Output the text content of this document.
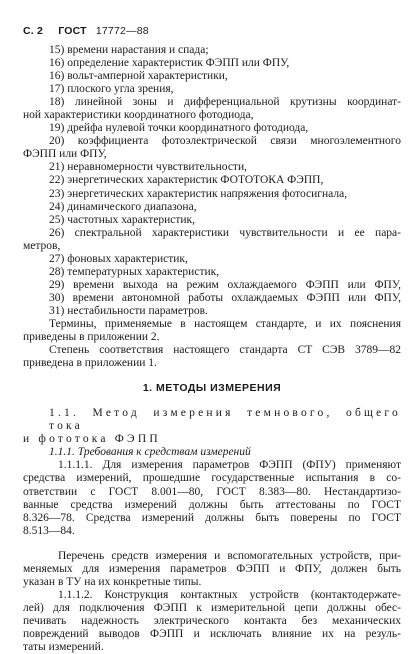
С. 2 ГОСТ 17772—88

15) времени нарастания и спада;

16) определение характеристик ФЭПП или ФПУ,

16) вольт-амперной характеристики,

17) плоского угла зрения,

18) линейной зоны и дифференциальной крутизны координат-

ной характеристики координатного фотодиода,

19) дрейфа нулевой точки координатного фотодиода,

20) коэффициента фотоэлектрической связи многоэлементного

ФЭПП или ФПУ,

21) неравномерности чувствительности,

22) энергетических характеристик ФОТОТОКА ФЭПП,

23) энергетических характеристик напряжения фотосигнала,

24) динамического диапазона,

25) частотных характеристик,

26) спектральной характеристики чувствительности и ее пара-

метров,

27) фоновых характеристик,

28) температурных характеристик,

29) времени выхода на режим охлаждаемого ФЭПП или ФПУ,

30) времени автономной работы охлаждаемых ФЭПП или ФПУ,

31) нестабильности параметров.

Термины, применяемые в настоящем стандарте, и их пояснения

приведены в приложении 2.

Степень соответствия настоящего стандарта СТ СЭВ 3789—82

приведена в приложении 1.

1. МЕТОДЫ ИЗМЕРЕНИЯ

1.1. Метод измерения темнового, общего тока

и фототока ФЭПП

1.1.1. Требования к средствам измерений

1.1.1.1. Для измерения параметров ФЭПП (ФПУ) применяют

средства измерений, прошедшие государственные испытания в со-

ответствии с ГОСТ 8.001—80, ГОСТ 8.383—80. Нестандартизо-

ванные средства измерений должны быть аттестованы по ГОСТ

8.326—78. Средства измерений должны быть поверены по ГОСТ

8.513—84.

Перечень средств измерения и вспомогательных устройств, при-

меняемых для измерения параметров ФЭПП и ФПУ, должен быть

указан в ТУ на их конкретные типы.

1.1.1.2. Конструкция контактных устройств (контактодержате-

лей) для подключения ФЭПП к измерительной цепи должны обес-

печивать надежность электрического контакта без механических

повреждений выводов ФЭПП и исключать влияние их на резуль-

таты измерений.
